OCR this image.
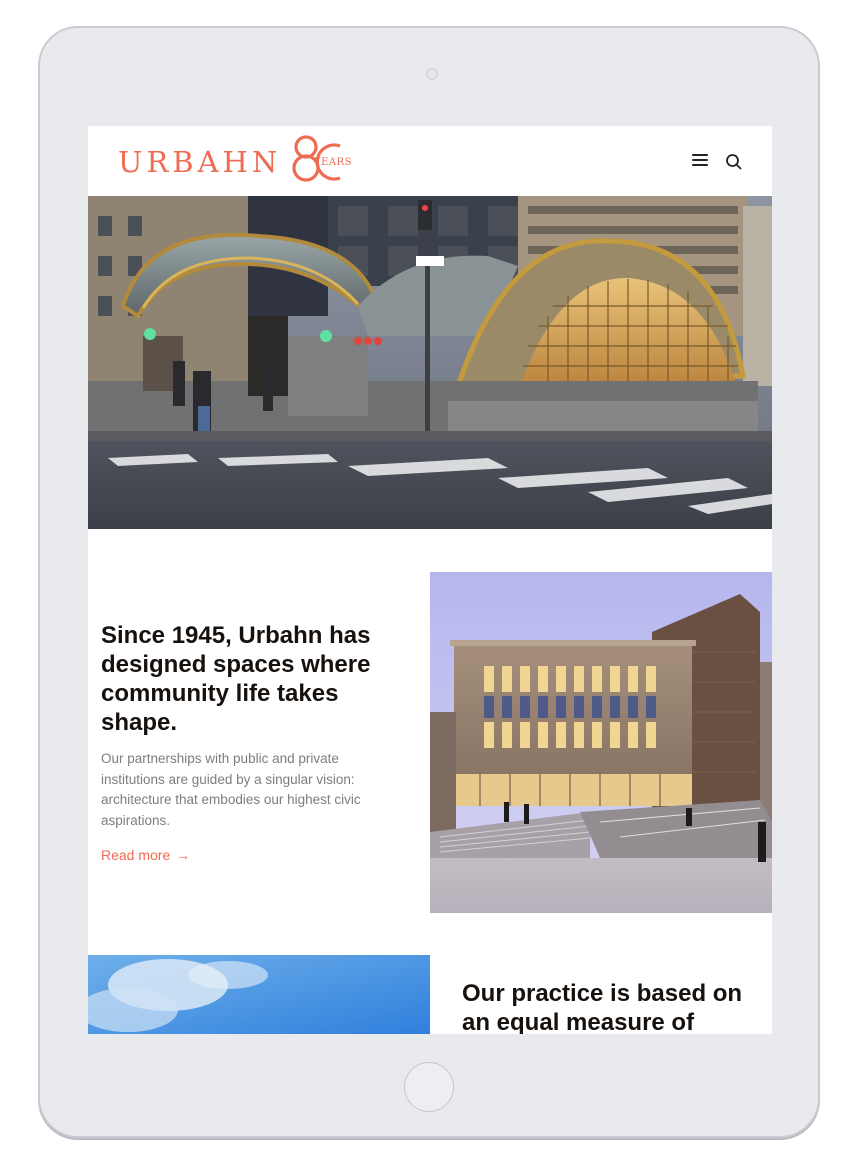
URBAHN	YEARS
Since 1945, Urbahn has designed spaces where community life takes shape.

Our partnerships with public and private institutions are guided by a singular vision: architecture that embodies our highest civic aspirations.

Read more →
Our practice is based on an equal measure of
